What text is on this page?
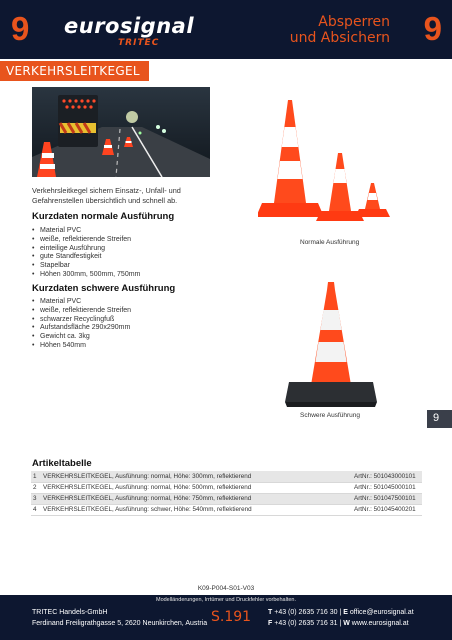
9 eurosignal
TRITEC
Absperren
und Absichern 9
VERKEHRSLEITKEGEL
Verkehrsleitkegel sichern Einsatz-, Unfall- und Gefahrenstellen übersichtlich und schnell ab.
Kurzdaten normale Ausführung
• Material PVC
• weiße, reflektierende Streifen
• einteilige Ausführung
• gute Standfestigkeit
• Stapelbar
• Höhen 300mm, 500mm, 750mm
Kurzdaten schwere Ausführung
• Material PVC
• weiße, reflektierende Streifen
• schwarzer Recyclingfuß
• Aufstandsfläche 290x290mm
• Gewicht ca. 3kg
• Höhen 540mm
Normale Ausführung
Schwere Ausführung	9
Artikeltabelle
1	VERKEHRSLEITKEGEL, Ausführung: normal, Höhe: 300mm, reflektierend	ArtNr.: 501043000101
2	VERKEHRSLEITKEGEL, Ausführung: normal, Höhe: 500mm, reflektierend	ArtNr.: 501045000101
3	VERKEHRSLEITKEGEL, Ausführung: normal, Höhe: 750mm, reflektierend	ArtNr.: 501047500101
4	VERKEHRSLEITKEGEL, Ausführung: schwer, Höhe: 540mm, reflektierend	ArtNr.: 501045400201
K09-P004-S01-V03
Modelländerungen, Irrtümer und Druckfehler vorbehalten.
TRITEC Handels-GmbH
Ferdinand Freiligrathgasse 5, 2620 Neunkirchen, Austria S.191 T +43 (0) 2635 716 30 | E office@eurosignal.at
F +43 (0) 2635 716 31 | W www.eurosignal.at
